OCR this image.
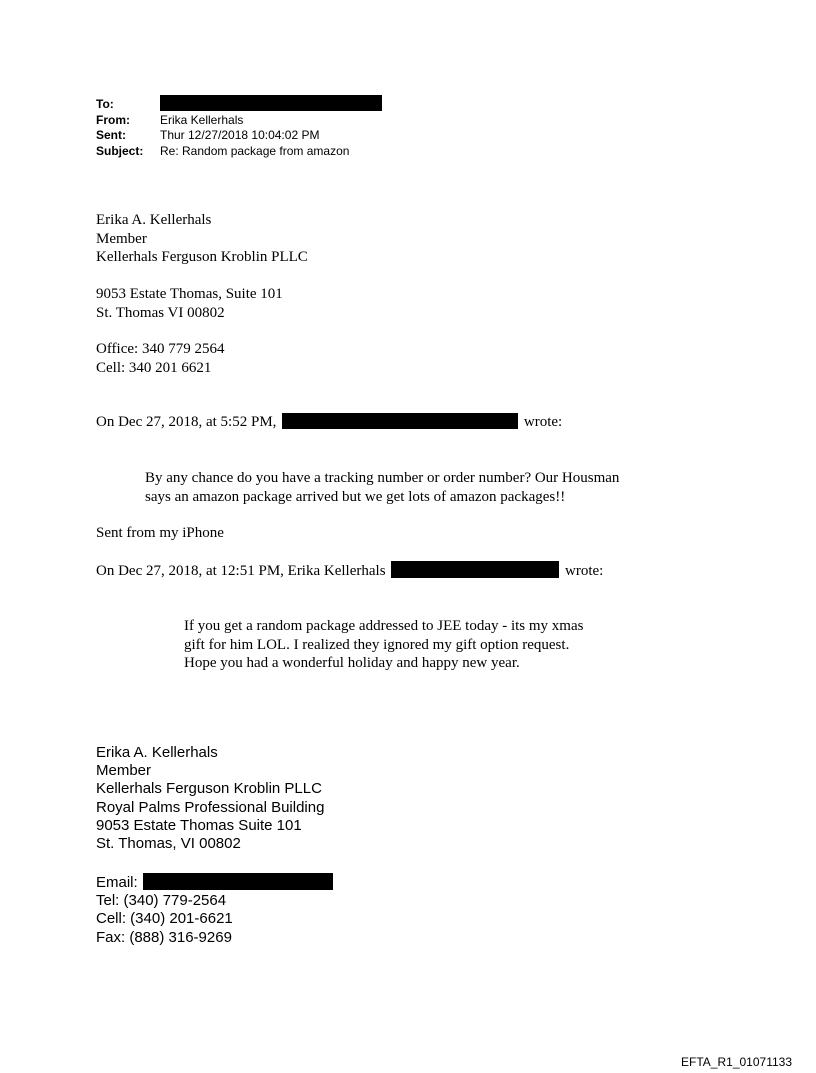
To:
From:	Erika Kellerhals
Sent:	Thur 12/27/2018 10:04:02 PM
Subject:	Re: Random package from amazon
Erika A. Kellerhals
Member
Kellerhals Ferguson Kroblin PLLC
9053 Estate Thomas, Suite 101
St. Thomas VI 00802
Office: 340 779 2564
Cell: 340 201 6621
On Dec 27, 2018, at 5:52 PM,	wrote:
By any chance do you have a tracking number or order number? Our Housman
says an amazon package arrived but we get lots of amazon packages!!
Sent from my iPhone
On Dec 27, 2018, at 12:51 PM, Erika Kellerhals	wrote:
If you get a random package addressed to JEE today - its my xmas
gift for him LOL. I realized they ignored my gift option request.
Hope you had a wonderful holiday and happy new year.
Erika A. Kellerhals
Member
Kellerhals Ferguson Kroblin PLLC
Royal Palms Professional Building
9053 Estate Thomas Suite 101
St. Thomas, VI 00802
Email:
Tel: (340) 779-2564
Cell: (340) 201-6621
Fax: (888) 316-9269
EFTA_R1_01071133
